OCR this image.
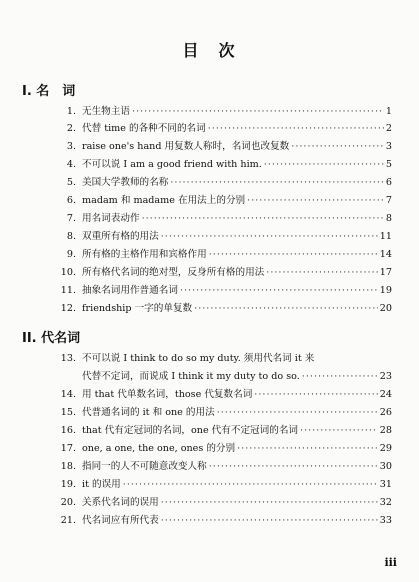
目　次
I. 名　词
1. 无生物主语 ·····	1
2. 代替 time 的各种不同的名词 ·····	2
3. raise one's hand 用复数人称时，名词也改复数 ·····	3
4. 不可以说 I am a good friend with him. ·····	5
5. 美国大学教师的名称 ·····	6
6. madam 和 madame 在用法上的分别 ·····	7
7. 用名词表动作 ·····	8
8. 双重所有格的用法 ·····	11
9. 所有格的主格作用和宾格作用 ·····	14
10. 所有格代名词的绝对型，反身所有格的用法 ·····	17
11. 抽象名词用作普通名词 ·····	19
12. friendship 一字的单复数 ·····	20
II. 代名词
13. 不可以说 I think to do so my duty. 须用代名词 it 来
代替不定词，而说成 I think it my duty to do so. ·····	23
14. 用 that 代单数名词，those 代复数名词 ·····	24
15. 代普通名词的 it 和 one 的用法 ·····	26
16. that 代有定冠词的名词，one 代有不定冠词的名词 ·····	28
17. one, a one, the one, ones 的分别 ·····	29
18. 指同一的人不可随意改变人称 ·····	30
19. it 的误用 ·····	31
20. 关系代名词的误用 ·····	32
21. 代名词应有所代表 ·····	33
iii
